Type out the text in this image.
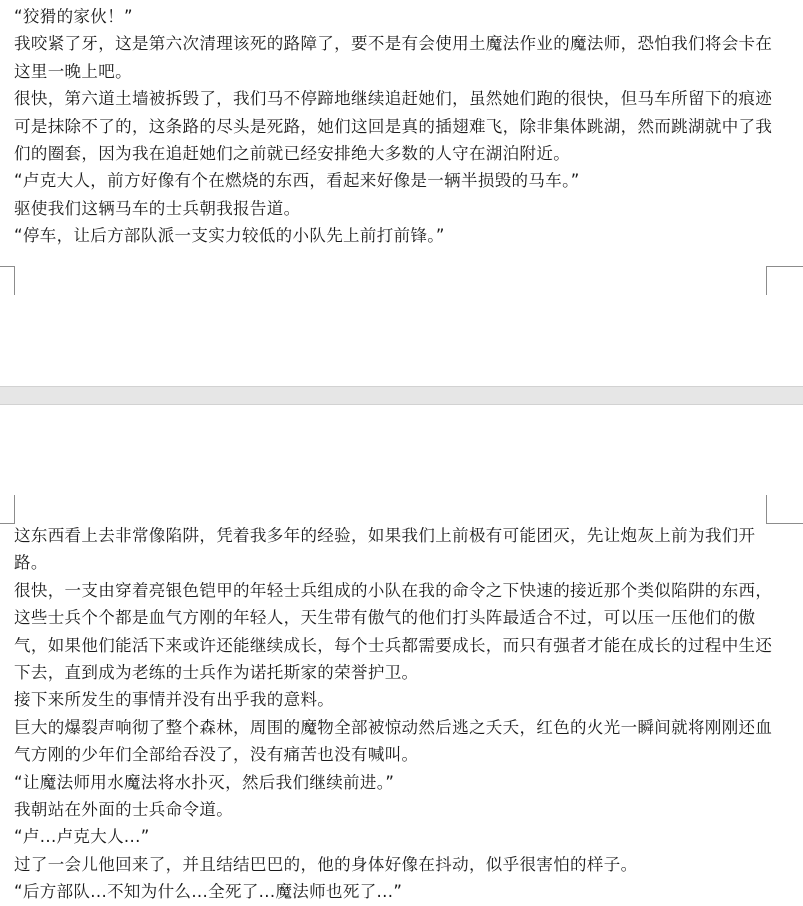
“狡猾的家伙！”

我咬紧了牙，这是第六次清理该死的路障了，要不是有会使用土魔法作业的魔法师，恐怕我们将会卡在这里一晚上吧。

很快，第六道土墙被拆毁了，我们马不停蹄地继续追赶她们，虽然她们跑的很快，但马车所留下的痕迹可是抹除不了的，这条路的尽头是死路，她们这回是真的插翅难飞，除非集体跳湖，然而跳湖就中了我们的圈套，因为我在追赶她们之前就已经安排绝大多数的人守在湖泊附近。

“卢克大人，前方好像有个在燃烧的东西，看起来好像是一辆半损毁的马车。”

驱使我们这辆马车的士兵朝我报告道。

“停车，让后方部队派一支实力较低的小队先上前打前锋。”

这东西看上去非常像陷阱，凭着我多年的经验，如果我们上前极有可能团灭，先让炮灰上前为我们开路。

很快，一支由穿着亮银色铠甲的年轻士兵组成的小队在我的命令之下快速的接近那个类似陷阱的东西，这些士兵个个都是血气方刚的年轻人，天生带有傲气的他们打头阵最适合不过，可以压一压他们的傲气，如果他们能活下来或许还能继续成长，每个士兵都需要成长，而只有强者才能在成长的过程中生还下去，直到成为老练的士兵作为诺托斯家的荣誉护卫。

接下来所发生的事情并没有出乎我的意料。

巨大的爆裂声响彻了整个森林，周围的魔物全部被惊动然后逃之夭夭，红色的火光一瞬间就将刚刚还血气方刚的少年们全部给吞没了，没有痛苦也没有喊叫。

“让魔法师用水魔法将水扑灭，然后我们继续前进。”

我朝站在外面的士兵命令道。

“卢...卢克大人...”

过了一会儿他回来了，并且结结巴巴的，他的身体好像在抖动，似乎很害怕的样子。

“后方部队...不知为什么...全死了...魔法师也死了...”
